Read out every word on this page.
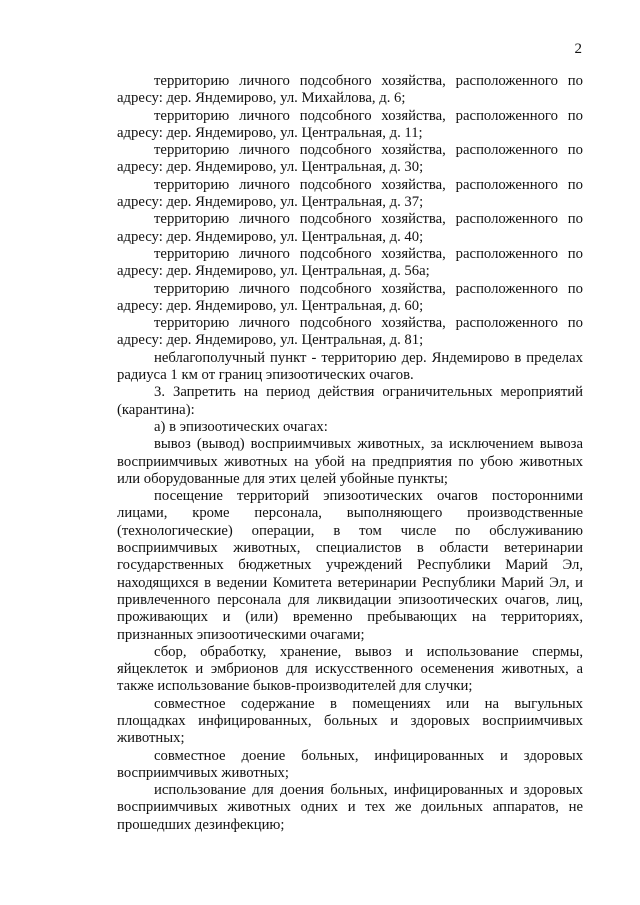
2

территорию личного подсобного хозяйства, расположенного по адресу: дер. Яндемирово, ул. Михайлова, д. 6;

территорию личного подсобного хозяйства, расположенного по адресу: дер. Яндемирово, ул. Центральная, д. 11;

территорию личного подсобного хозяйства, расположенного по адресу: дер. Яндемирово, ул. Центральная, д. 30;

территорию личного подсобного хозяйства, расположенного по адресу: дер. Яндемирово, ул. Центральная, д. 37;

территорию личного подсобного хозяйства, расположенного по адресу: дер. Яндемирово, ул. Центральная, д. 40;

территорию личного подсобного хозяйства, расположенного по адресу: дер. Яндемирово, ул. Центральная, д. 56а;

территорию личного подсобного хозяйства, расположенного по адресу: дер. Яндемирово, ул. Центральная, д. 60;

территорию личного подсобного хозяйства, расположенного по адресу: дер. Яндемирово, ул. Центральная, д. 81;

неблагополучный пункт - территорию дер. Яндемирово в пределах радиуса 1 км от границ эпизоотических очагов.

3. Запретить на период действия ограничительных мероприятий (карантина):

а) в эпизоотических очагах:

вывоз (вывод) восприимчивых животных, за исключением вывоза восприимчивых животных на убой на предприятия по убою животных или оборудованные для этих целей убойные пункты;

посещение территорий эпизоотических очагов посторонними лицами, кроме персонала, выполняющего производственные (технологические) операции, в том числе по обслуживанию восприимчивых животных, специалистов в области ветеринарии государственных бюджетных учреждений Республики Марий Эл, находящихся в ведении Комитета ветеринарии Республики Марий Эл, и привлеченного персонала для ликвидации эпизоотических очагов, лиц, проживающих и (или) временно пребывающих на территориях, признанных эпизоотическими очагами;

сбор, обработку, хранение, вывоз и использование спермы, яйцеклеток и эмбрионов для искусственного осеменения животных, а также использование быков-производителей для случки;

совместное содержание в помещениях или на выгульных площадках инфицированных, больных и здоровых восприимчивых животных;

совместное доение больных, инфицированных и здоровых восприимчивых животных;

использование для доения больных, инфицированных и здоровых восприимчивых животных одних и тех же доильных аппаратов, не прошедших дезинфекцию;
